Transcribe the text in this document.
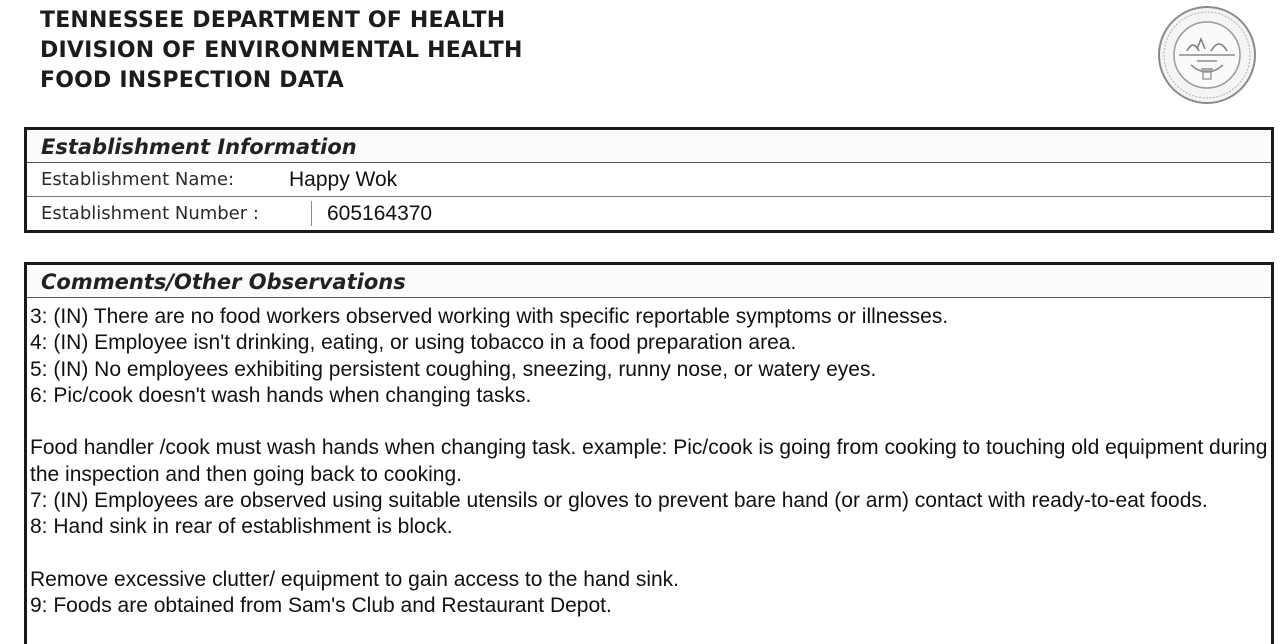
TENNESSEE DEPARTMENT OF HEALTH
DIVISION OF ENVIRONMENTAL HEALTH
FOOD INSPECTION DATA
Establishment Information
Establishment Name:	Happy Wok
Establishment Number :	605164370
Comments/Other Observations

3: (IN) There are no food workers observed working with specific reportable symptoms or illnesses.

4: (IN) Employee isn't drinking, eating, or using tobacco in a food preparation area.

5: (IN) No employees exhibiting persistent coughing, sneezing, runny nose, or watery eyes.

6: Pic/cook doesn't wash hands when changing tasks.

Food handler /cook must wash hands when changing task. example: Pic/cook is going from cooking to touching old equipment during the inspection and then going back to cooking.

7: (IN) Employees are observed using suitable utensils or gloves to prevent bare hand (or arm) contact with ready-to-eat foods.

8: Hand sink in rear of establishment is block.

Remove excessive clutter/ equipment to gain access to the hand sink.

9: Foods are obtained from Sam's Club and Restaurant Depot.
